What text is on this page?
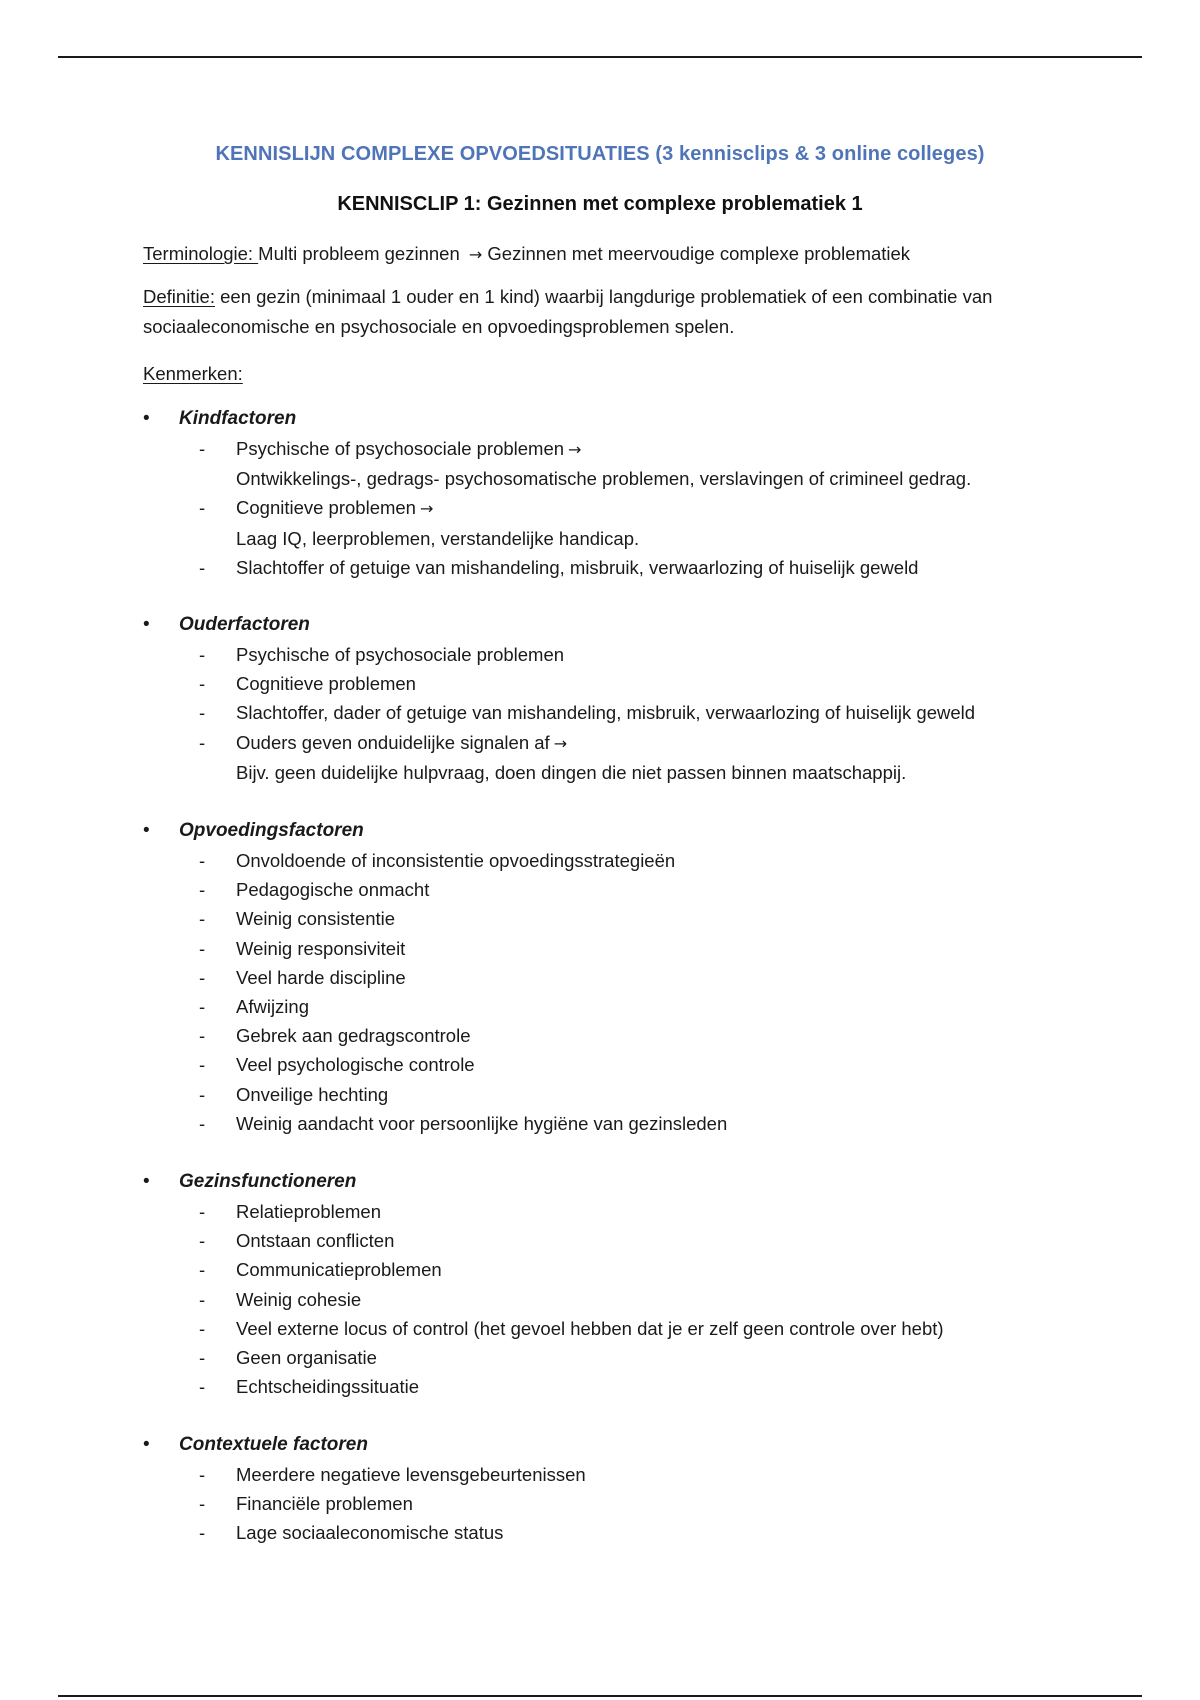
KENNISLIJN COMPLEXE OPVOEDSITUATIES (3 kennisclips & 3 online colleges)
KENNISCLIP 1: Gezinnen met complexe problematiek 1
Terminologie: Multi probleem gezinnen → Gezinnen met meervoudige complexe problematiek
Definitie: een gezin (minimaal 1 ouder en 1 kind) waarbij langdurige problematiek of een combinatie van sociaaleconomische en psychosociale en opvoedingsproblemen spelen.
Kenmerken:
• Kindfactoren
- Psychische of psychosociale problemen →
Ontwikkelings-, gedrags- psychosomatische problemen, verslavingen of crimineel gedrag.
- Cognitieve problemen →
Laag IQ, leerproblemen, verstandelijke handicap.
- Slachtoffer of getuige van mishandeling, misbruik, verwaarlozing of huiselijk geweld
• Ouderfactoren
- Psychische of psychosociale problemen
- Cognitieve problemen
- Slachtoffer, dader of getuige van mishandeling, misbruik, verwaarlozing of huiselijk geweld
- Ouders geven onduidelijke signalen af →
Bijv. geen duidelijke hulpvraag, doen dingen die niet passen binnen maatschappij.
• Opvoedingsfactoren
- Onvoldoende of inconsistentie opvoedingsstrategieën
- Pedagogische onmacht
- Weinig consistentie
- Weinig responsiviteit
- Veel harde discipline
- Afwijzing
- Gebrek aan gedragscontrole
- Veel psychologische controle
- Onveilige hechting
- Weinig aandacht voor persoonlijke hygiëne van gezinsleden
• Gezinsfunctioneren
- Relatieproblemen
- Ontstaan conflicten
- Communicatieproblemen
- Weinig cohesie
- Veel externe locus of control (het gevoel hebben dat je er zelf geen controle over hebt)
- Geen organisatie
- Echtscheidingssituatie
• Contextuele factoren
- Meerdere negatieve levensgebeurtenissen
- Financiële problemen
- Lage sociaaleconomische status
